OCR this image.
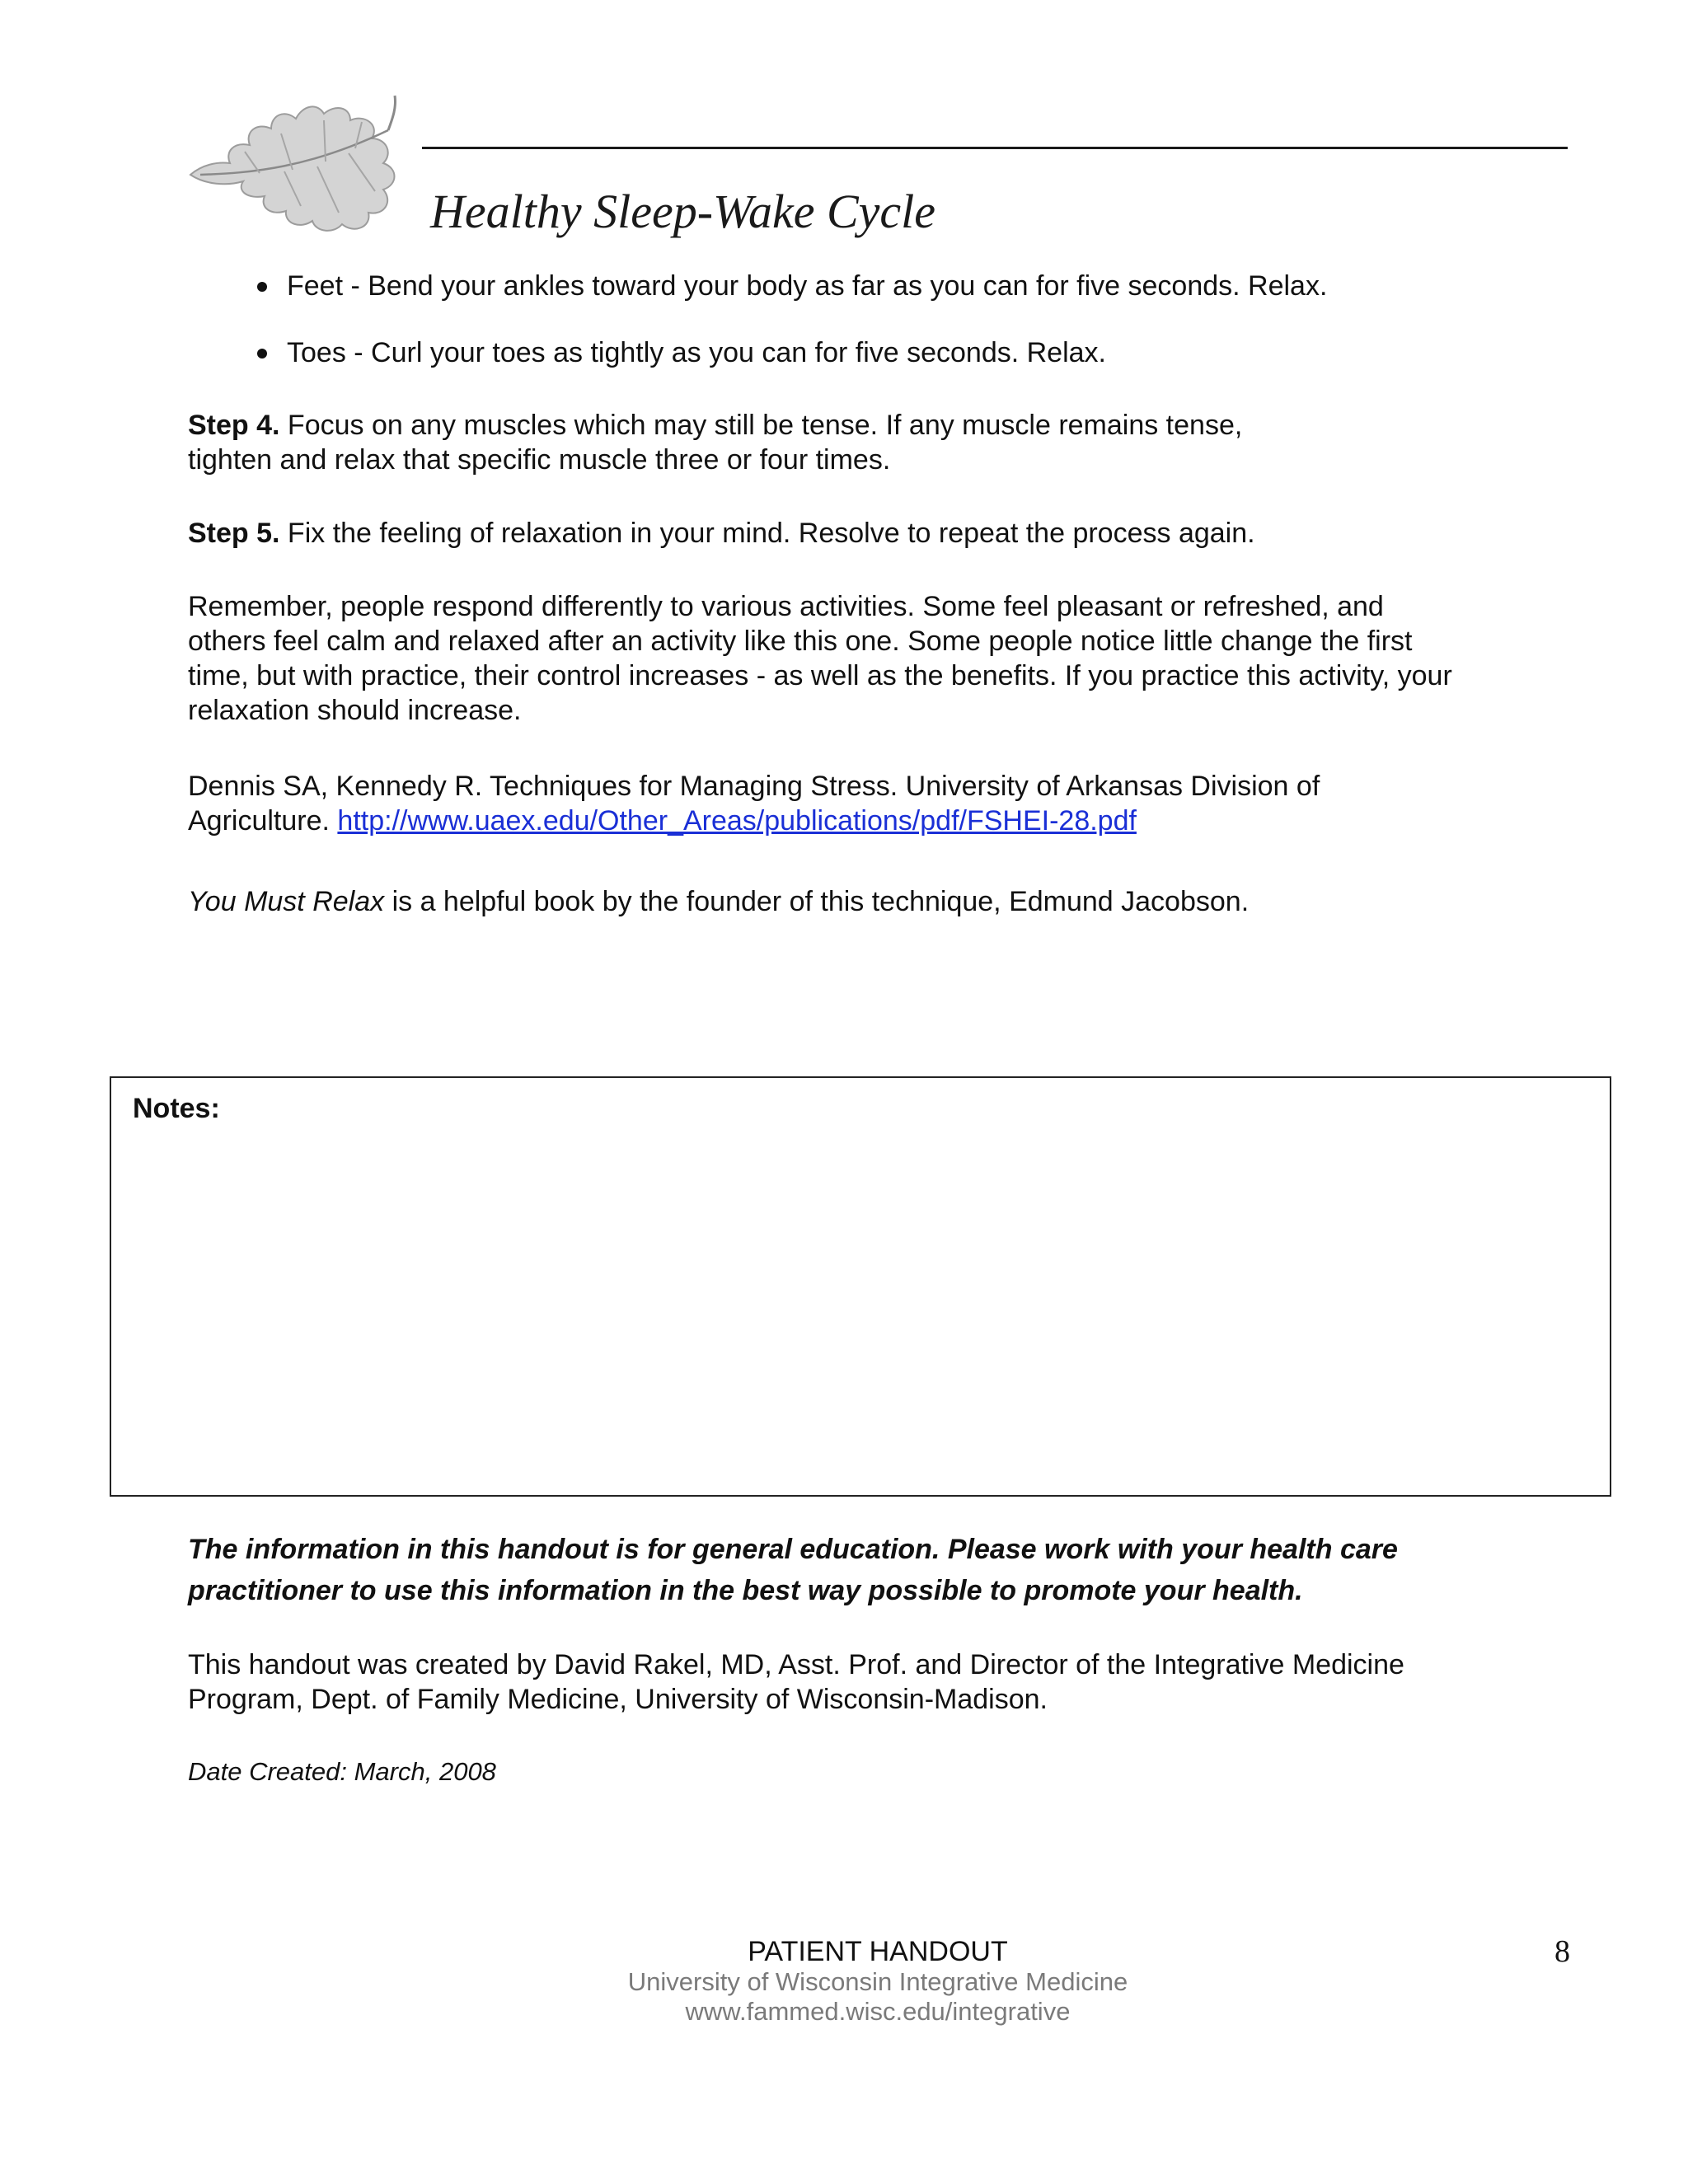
Healthy Sleep-Wake Cycle
Feet - Bend your ankles toward your body as far as you can for five seconds. Relax.
Toes - Curl your toes as tightly as you can for five seconds. Relax.
Step 4. Focus on any muscles which may still be tense. If any muscle remains tense,
tighten and relax that specific muscle three or four times.
Step 5. Fix the feeling of relaxation in your mind. Resolve to repeat the process again.
Remember, people respond differently to various activities. Some feel pleasant or refreshed, and
others feel calm and relaxed after an activity like this one. Some people notice little change the first
time, but with practice, their control increases - as well as the benefits. If you practice this activity, your
relaxation should increase.
Dennis SA, Kennedy R. Techniques for Managing Stress. University of Arkansas Division of
Agriculture. http://www.uaex.edu/Other_Areas/publications/pdf/FSHEI-28.pdf
You Must Relax is a helpful book by the founder of this technique, Edmund Jacobson.
Notes:
The information in this handout is for general education. Please work with your health care
practitioner to use this information in the best way possible to promote your health.
This handout was created by David Rakel, MD, Asst. Prof. and Director of the Integrative Medicine
Program, Dept. of Family Medicine, University of Wisconsin-Madison.
Date Created: March, 2008
PATIENT HANDOUT
University of Wisconsin Integrative Medicine
www.fammed.wisc.edu/integrative
8
